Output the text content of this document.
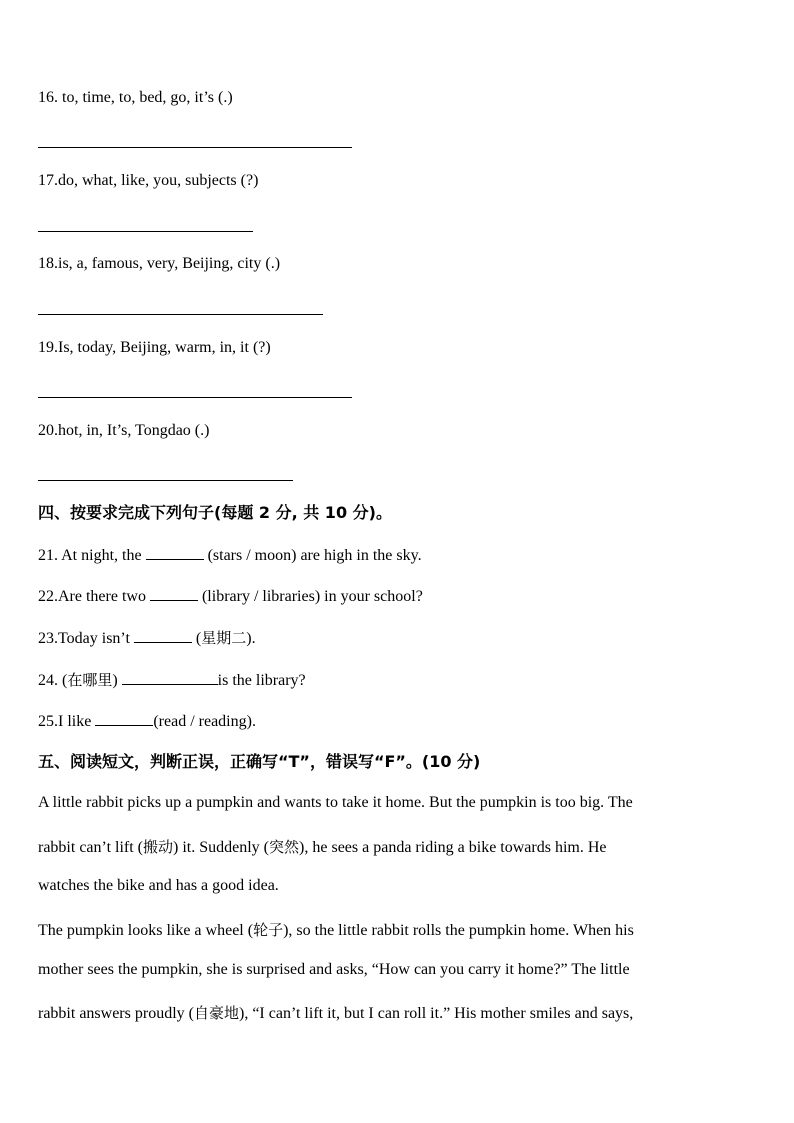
16. to, time, to, bed, go, it’s (.)
17.do, what, like, you, subjects (?)
18.is, a, famous, very, Beijing, city (.)
19.Is, today, Beijing, warm, in, it (?)
20.hot, in, It’s, Tongdao (.)
四、按要求完成下列句子(每题 2 分, 共 10 分)。
21. At night, the	(stars / moon) are high in the sky.
22.Are there two	(library / libraries) in your school?
23.Today isn’t	(星期二).
24. (在哪里)	is the library?
25.I like	(read / reading).
五、阅读短文，判断正误，正确写“T”，错误写“F”。(10 分)
A little rabbit picks up a pumpkin and wants to take it home. But the pumpkin is too big. The
rabbit can’t lift (搬动) it. Suddenly (突然), he sees a panda riding a bike towards him. He
watches the bike and has a good idea.
The pumpkin looks like a wheel (轮子), so the little rabbit rolls the pumpkin home. When his
mother sees the pumpkin, she is surprised and asks, “How can you carry it home?” The little
rabbit answers proudly (自豪地), “I can’t lift it, but I can roll it.” His mother smiles and says,
